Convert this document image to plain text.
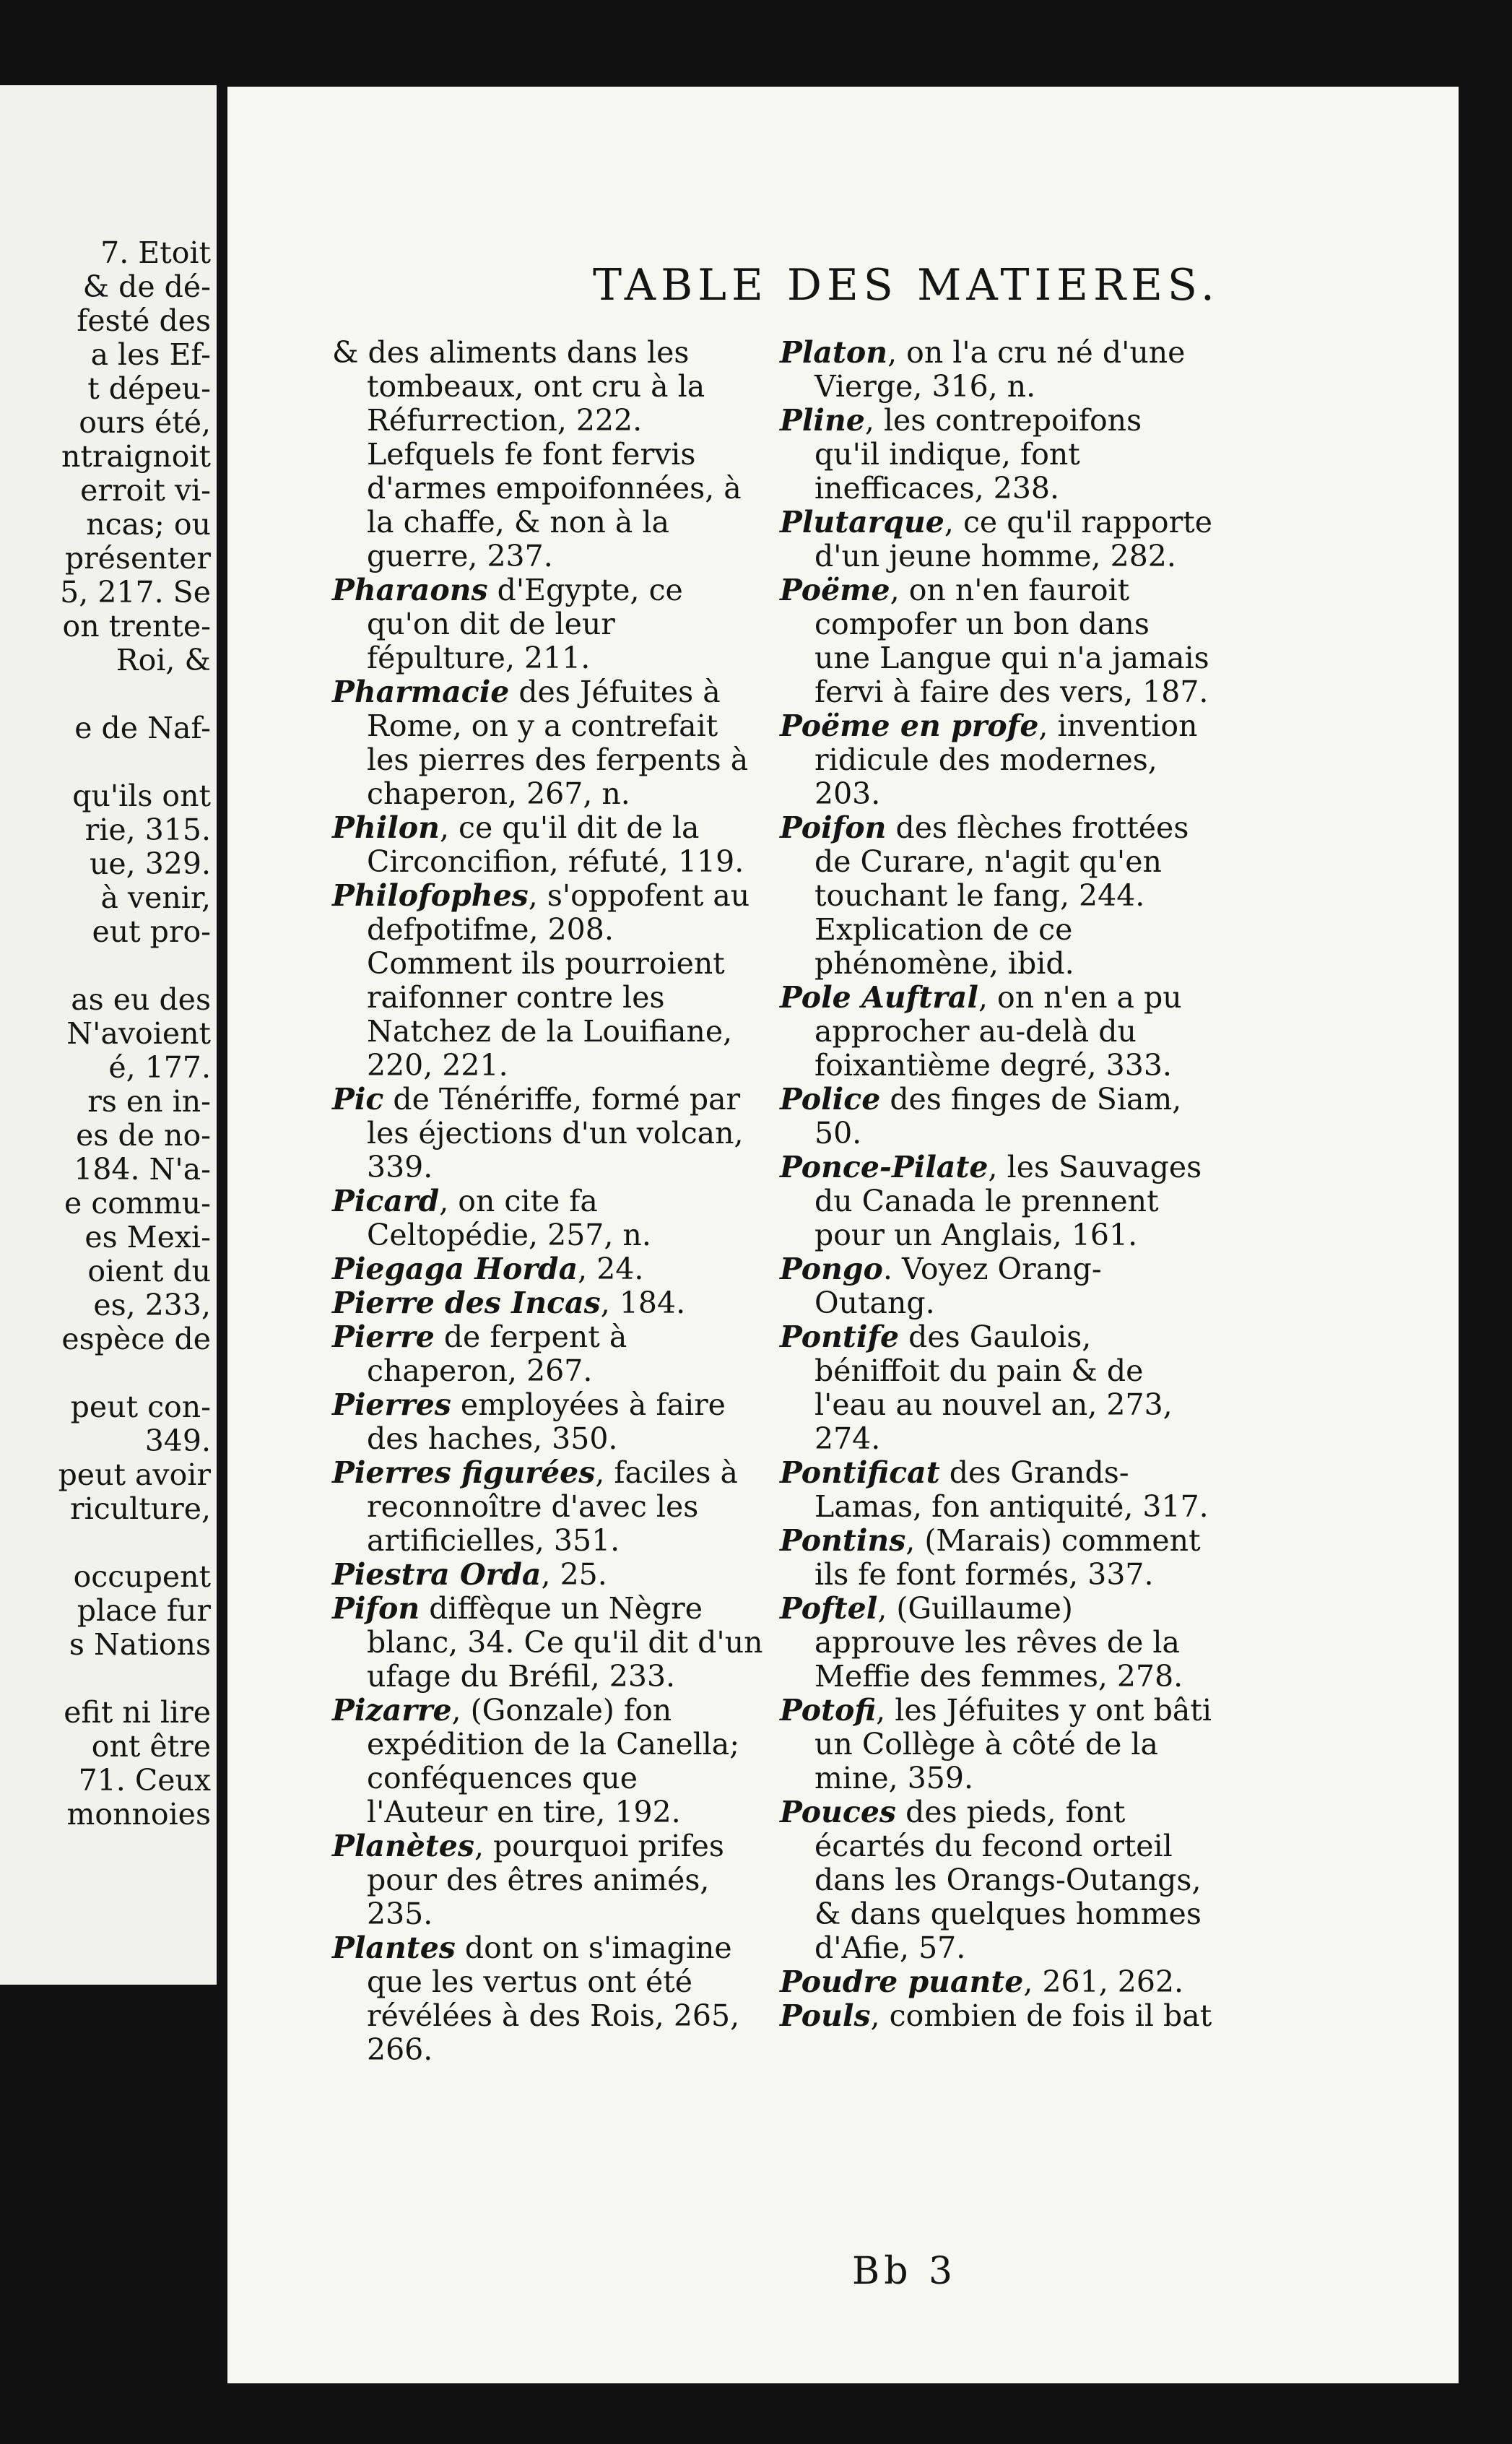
7. Etoit
& de dé-
festé des
a les Ef-
t dépeu-
ours été,
ntraignoit
erroit vi-
ncas; ou
présenter
5, 217. Se
on trente-
Roi, &
e de Naf-
qu'ils ont
rie, 315.
ue, 329.
à venir,
eut pro-
as eu des
N'avoient
é, 177.
rs en in-
es de no-
184. N'a-
e commu-
es Mexi-
oient du
es, 233,
espèce de
peut con-
349.
peut avoir
riculture,
occupent
place fur
s Nations
efit ni lire
ont être
71. Ceux
monnoies
TABLE DES MATIERES.
& des aliments dans les tombeaux, ont cru à la Réfurrection, 222. Lefquels fe font fervis d'armes empoifonnées, à la chaffe, & non à la guerre, 237.
Pharaons d'Egypte, ce qu'on dit de leur fépulture, 211.
Pharmacie des Jéfuites à Rome, on y a contrefait les pierres des ferpents à chaperon, 267, n.
Philon, ce qu'il dit de la Circoncifion, réfuté, 119.
Philofophes, s'oppofent au defpotifme, 208. Comment ils pourroient raifonner contre les Natchez de la Louifiane, 220, 221.
Pic de Ténériffe, formé par les éjections d'un volcan, 339.
Picard, on cite fa Celtopédie, 257, n.
Piegaga Horda, 24.
Pierre des Incas, 184.
Pierre de ferpent à chaperon, 267.
Pierres employées à faire des haches, 350.
Pierres figurées, faciles à reconnoître d'avec les artificielles, 351.
Piestra Orda, 25.
Pifon diffèque un Nègre blanc, 34. Ce qu'il dit d'un ufage du Bréfil, 233.
Pizarre, (Gonzale) fon expédition de la Canella; conféquences que l'Auteur en tire, 192.
Planètes, pourquoi prifes pour des êtres animés, 235.
Plantes dont on s'imagine que les vertus ont été révélées à des Rois, 265, 266.
Platon, on l'a cru né d'une Vierge, 316, n.
Pline, les contrepoifons qu'il indique, font inefficaces, 238.
Plutarque, ce qu'il rapporte d'un jeune homme, 282.
Poëme, on n'en fauroit compofer un bon dans une Langue qui n'a jamais fervi à faire des vers, 187.
Poëme en profe, invention ridicule des modernes, 203.
Poifon des flèches frottées de Curare, n'agit qu'en touchant le fang, 244. Explication de ce phénomène, ibid.
Pole Auftral, on n'en a pu approcher au-delà du foixantième degré, 333.
Police des finges de Siam, 50.
Ponce-Pilate, les Sauvages du Canada le prennent pour un Anglais, 161.
Pongo. Voyez Orang-Outang.
Pontife des Gaulois, béniffoit du pain & de l'eau au nouvel an, 273, 274.
Pontificat des Grands-Lamas, fon antiquité, 317.
Pontins, (Marais) comment ils fe font formés, 337.
Poftel, (Guillaume) approuve les rêves de la Meffie des femmes, 278.
Potofi, les Jéfuites y ont bâti un Collège à côté de la mine, 359.
Pouces des pieds, font écartés du fecond orteil dans les Orangs-Outangs, & dans quelques hommes d'Afie, 57.
Poudre puante, 261, 262.
Pouls, combien de fois il bat
Bb 3
